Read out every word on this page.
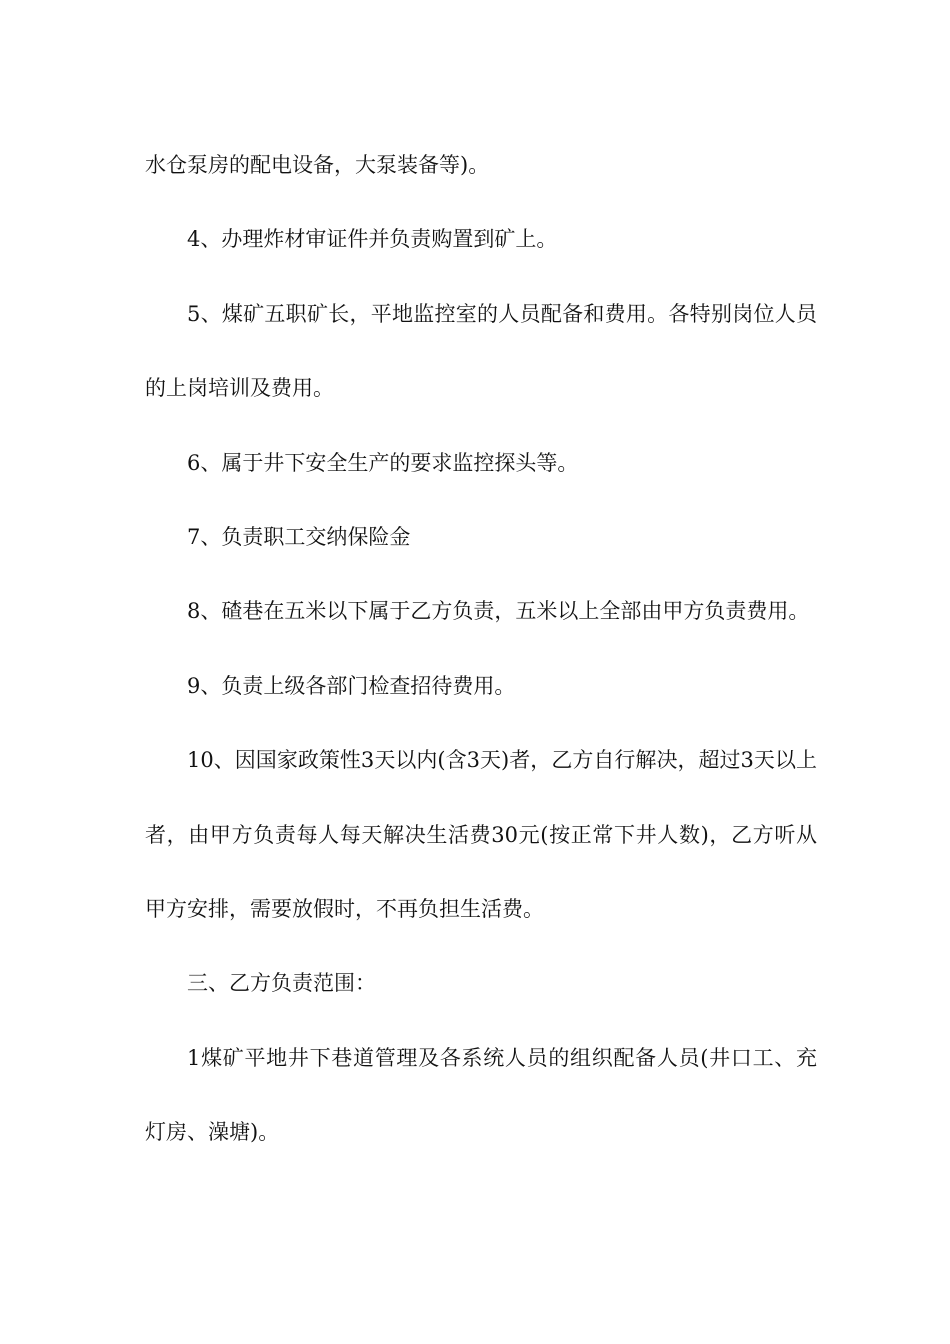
水仓泵房的配电设备，大泵装备等)。

4、办理炸材审证件并负责购置到矿上。

5、煤矿五职矿长，平地监控室的人员配备和费用。各特别岗位人员的上岗培训及费用。

6、属于井下安全生产的要求监控探头等。

7、负责职工交纳保险金

8、碴巷在五米以下属于乙方负责，五米以上全部由甲方负责费用。

9、负责上级各部门检查招待费用。

10、因国家政策性3天以内(含3天)者，乙方自行解决，超过3天以上者，由甲方负责每人每天解决生活费30元(按正常下井人数)，乙方听从甲方安排，需要放假时，不再负担生活费。

三、乙方负责范围：

1煤矿平地井下巷道管理及各系统人员的组织配备人员(井口工、充灯房、澡塘)。
